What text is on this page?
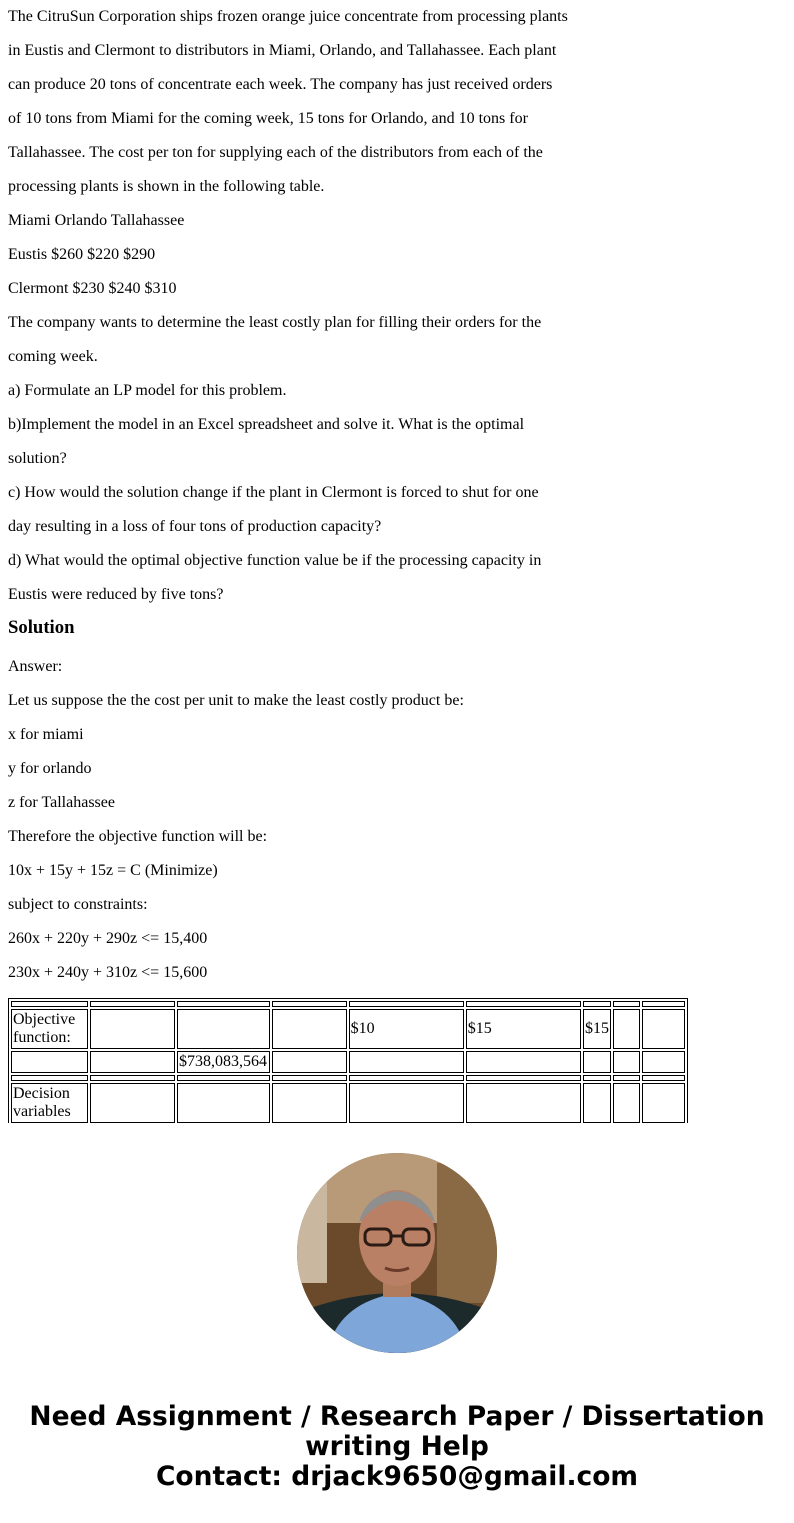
The CitruSun Corporation ships frozen orange juice concentrate from processing plants
in Eustis and Clermont to distributors in Miami, Orlando, and Tallahassee. Each plant
can produce 20 tons of concentrate each week. The company has just received orders
of 10 tons from Miami for the coming week, 15 tons for Orlando, and 10 tons for
Tallahassee. The cost per ton for supplying each of the distributors from each of the
processing plants is shown in the following table.
Miami Orlando Tallahassee
Eustis $260 $220 $290
Clermont $230 $240 $310
The company wants to determine the least costly plan for filling their orders for the
coming week.
a) Formulate an LP model for this problem.
b)Implement the model in an Excel spreadsheet and solve it. What is the optimal
solution?
c) How would the solution change if the plant in Clermont is forced to shut for one
day resulting in a loss of four tons of production capacity?
d) What would the optimal objective function value be if the processing capacity in
Eustis were reduced by five tons?
Solution
Answer:
Let us suppose the the cost per unit to make the least costly product be:
x for miami
y for orlando
z for Tallahassee
Therefore the objective function will be:
10x + 15y + 15z = C (Minimize)
subject to constraints:
260x + 220y + 290z <= 15,400
230x + 240y + 310z <= 15,600

Objective function:				$10	$15	$15		
		$738,083,564						

Decision variables								
Need Assignment / Research Paper / Dissertation
writing Help
Contact: drjack9650@gmail.com
